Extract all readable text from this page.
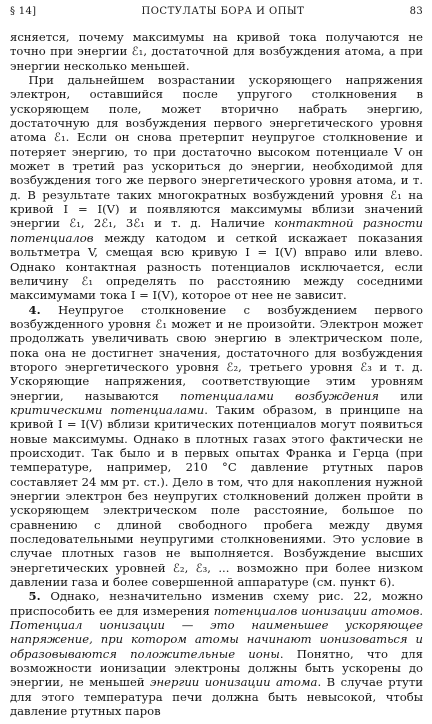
§ 14]	ПОСТУЛАТЫ БОРА И ОПЫТ	83

ясняется, почему максимумы на кривой тока получаются не точно при энергии ℰ₁, достаточной для возбуждения атома, а при энергии несколько меньшей.

При дальнейшем возрастании ускоряющего напряжения электрон, оставшийся после упругого столкновения в ускоряющем поле, может вторично набрать энергию, достаточную для возбуждения первого энергетического уровня атома ℰ₁. Если он снова претерпит неупругое столкновение и потеряет энергию, то при достаточно высоком потенциале V он может в третий раз ускориться до энергии, необходимой для возбуждения того же первого энергетического уровня атома, и т. д. В результате таких многократных возбуждений уровня ℰ₁ на кривой I = I(V) и появляются максимумы вблизи значений энергии ℰ₁, 2ℰ₁, 3ℰ₁ и т. д. Наличие контактной разности потенциалов между катодом и сеткой искажает показания вольтметра V, смещая всю кривую I = I(V) вправо или влево. Однако контактная разность потенциалов исключается, если величину ℰ₁ определять по расстоянию между соседними максимумами тока I = I(V), которое от нее не зависит.

4. Неупругое столкновение с возбуждением первого возбужденного уровня ℰ₁ может и не произойти. Электрон может продолжать увеличивать свою энергию в электрическом поле, пока она не достигнет значения, достаточного для возбуждения второго энергетического уровня ℰ₂, третьего уровня ℰ₃ и т. д. Ускоряющие напряжения, соответствующие этим уровням энергии, называются потенциалами возбуждения или критическими потенциалами. Таким образом, в принципе на кривой I = I(V) вблизи критических потенциалов могут появиться новые максимумы. Однако в плотных газах этого фактически не происходит. Так было и в первых опытах Франка и Герца (при температуре, например, 210 °C давление ртутных паров составляет 24 мм рт. ст.). Дело в том, что для накопления нужной энергии электрон без неупругих столкновений должен пройти в ускоряющем электрическом поле расстояние, большое по сравнению с длиной свободного пробега между двумя последовательными неупругими столкновениями. Это условие в случае плотных газов не выполняется. Возбуждение высших энергетических уровней ℰ₂, ℰ₃, ... возможно при более низком давлении газа и более совершенной аппаратуре (см. пункт 6).

5. Однако, незначительно изменив схему рис. 22, можно приспособить ее для измерения потенциалов ионизации атомов. Потенциал ионизации — это наименьшее ускоряющее напряжение, при котором атомы начинают ионизоваться и образовываются положительные ионы. Понятно, что для возможности ионизации электроны должны быть ускорены до энергии, не меньшей энергии ионизации атома. В случае ртути для этого температура печи должна быть невысокой, чтобы давление ртутных паров
